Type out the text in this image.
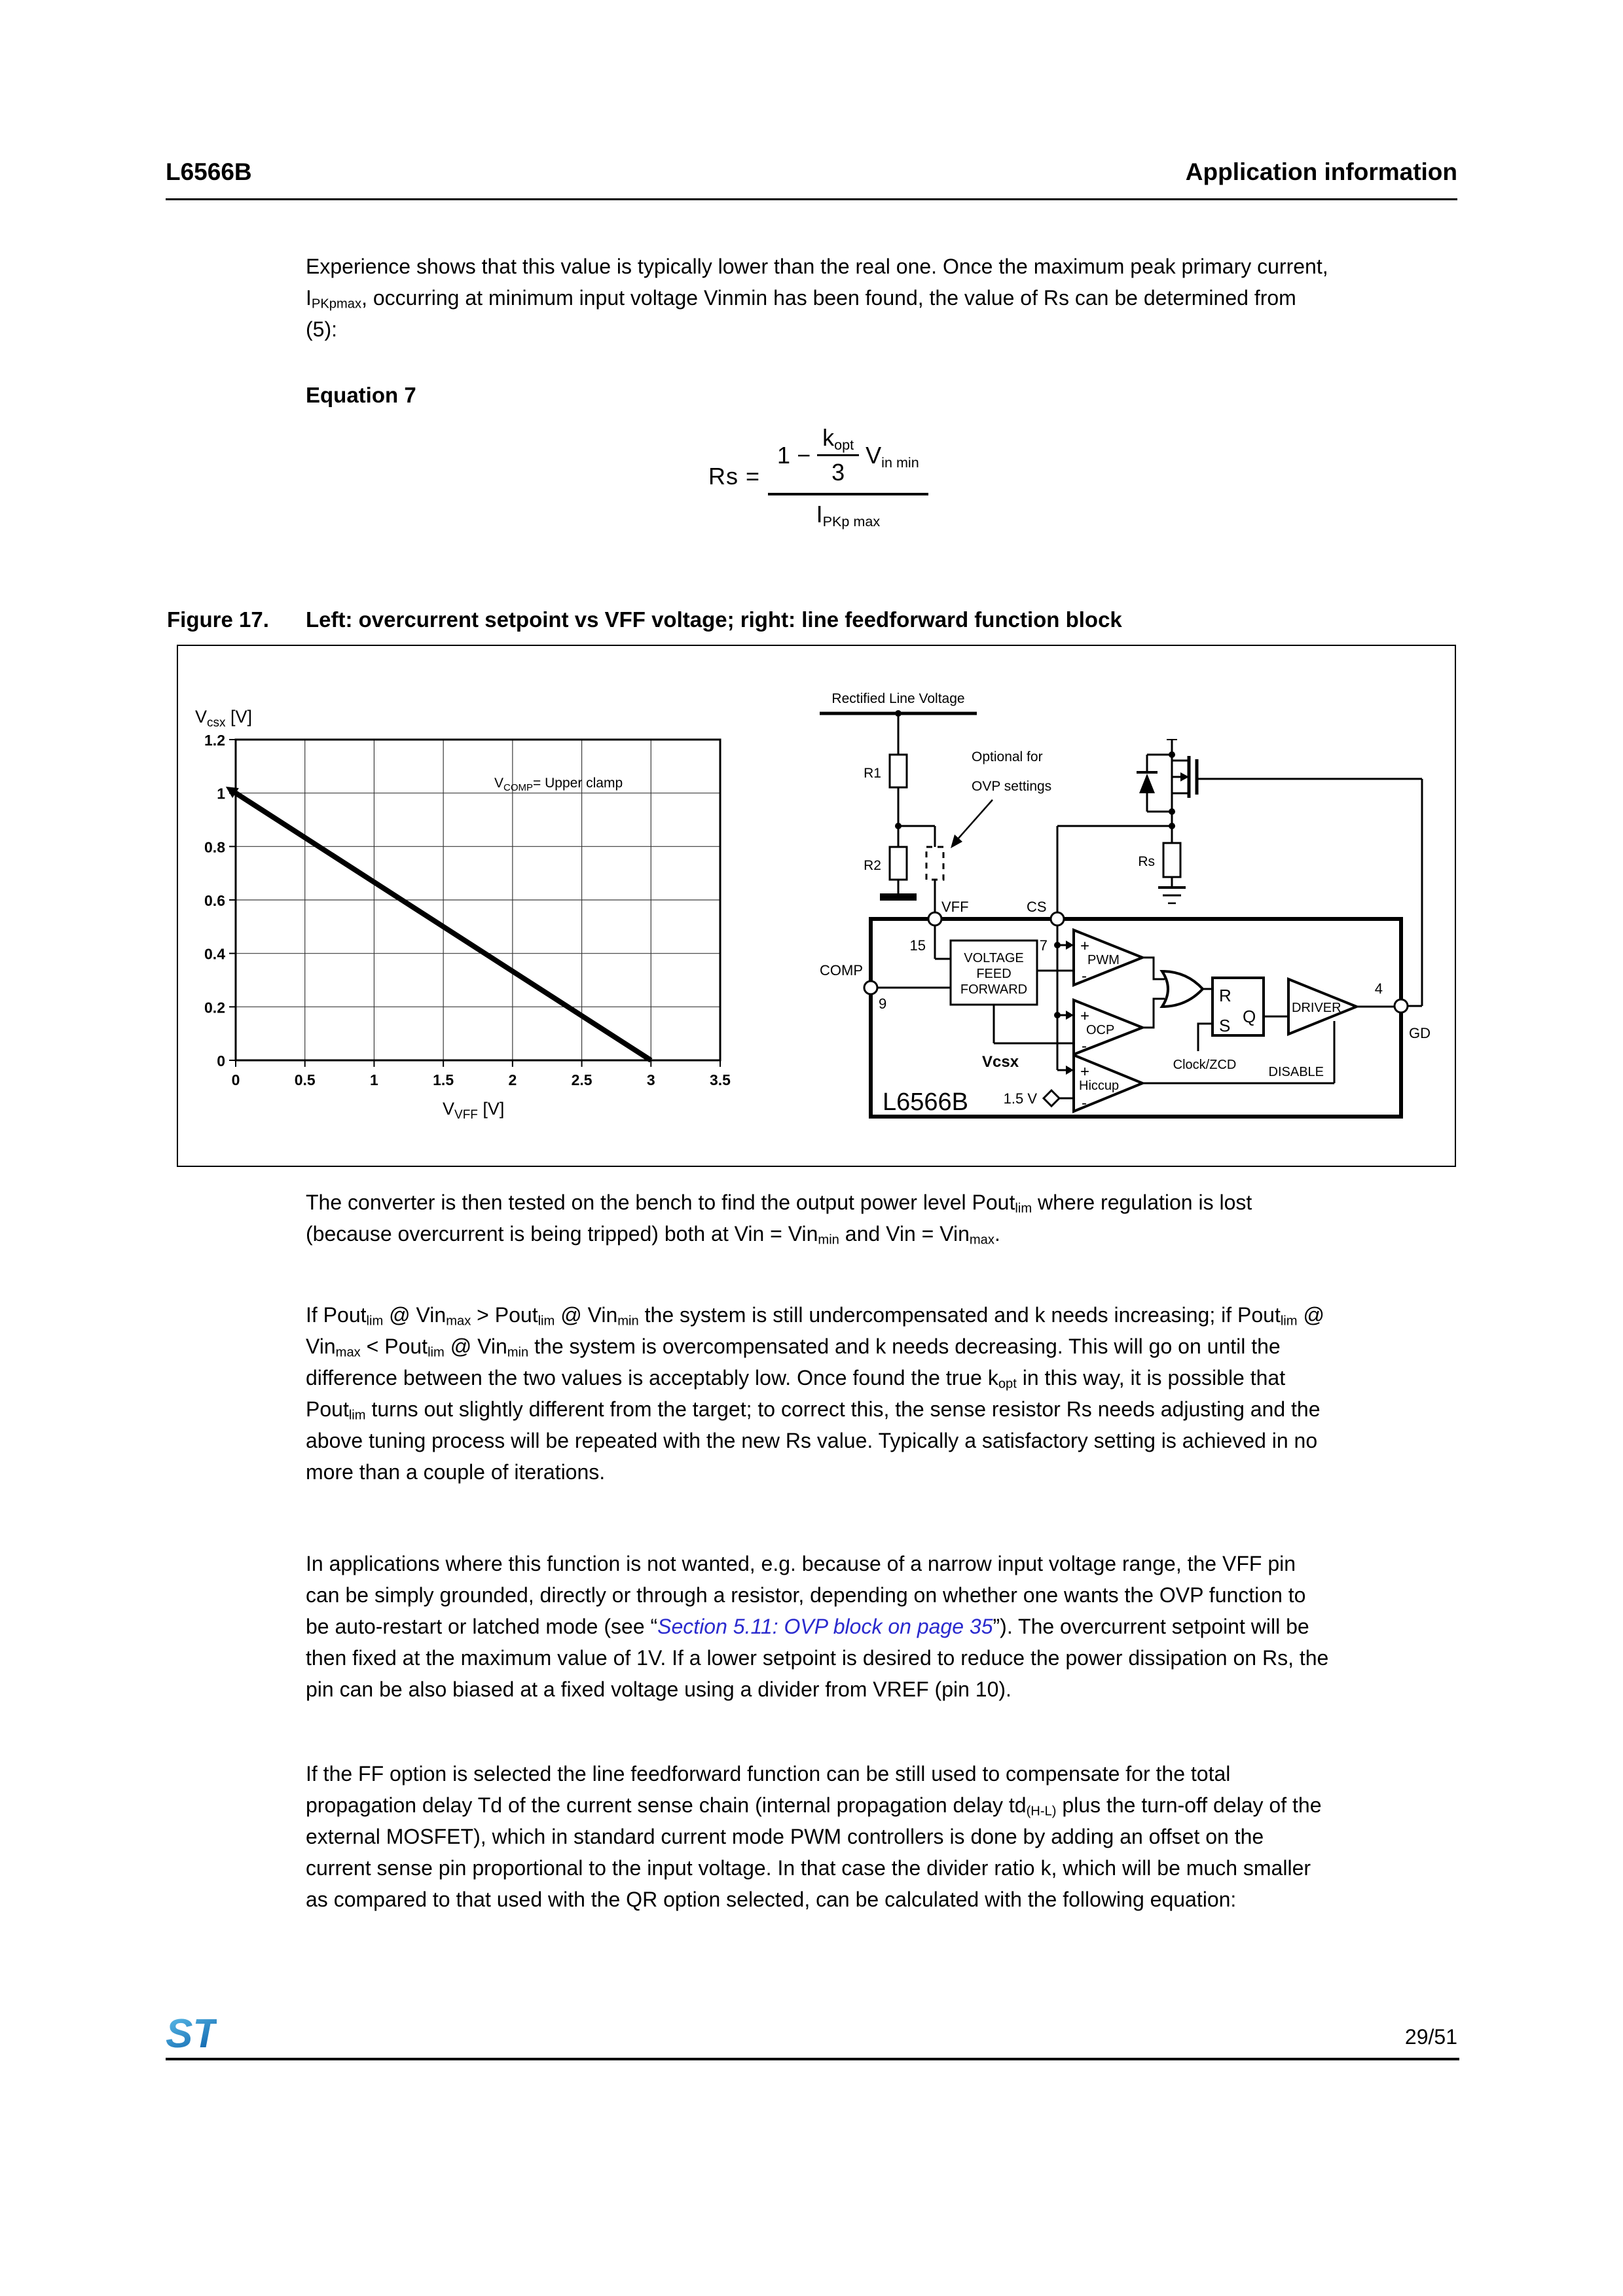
L6566B	Application information
Experience shows that this value is typically lower than the real one. Once the maximum peak primary current, $I_{PKpmax}$, occurring at minimum input voltage Vinmin has been found, the value of Rs can be determined from (5):
Equation 7
Rs =
1 −
$k_{opt}$
3
$V_{in min}$
$I_{PKp max}$
Figure 17.	Left: overcurrent setpoint vs VFF voltage; right: line feedforward function block
0	0.5	1	1.5	2	2.5	3	3.5
0
0.2
0.4
0.6
0.8
1
1.2
$V_{COMP}=$ Upper clamp
$V_{csx}$ [V]
$V_{VFF}$ [V]
Rectified Line Voltage
R1
R2
Optional for
OVP settings
Rs
VFF	CS
COMP
GD
15	7
9
4
VOLTAGE
FEED
FORWARD
Vcsx
+
PWM
-
+
OCP
-
+
Hiccup
-
1.5 V
R
Q
S
Clock/ZCD
DRIVER
DISABLE
L6566B
The converter is then tested on the bench to find the output power level Pout$_{lim}$ where regulation is lost (because overcurrent is being tripped) both at Vin = Vin$_{min}$ and Vin = Vin$_{max}$.
If Pout$_{lim}$ @ Vin$_{max}$ > Pout$_{lim}$ @ Vin$_{min}$ the system is still undercompensated and k needs increasing; if Pout$_{lim}$ @ Vin$_{max}$ < Pout$_{lim}$ @ Vin$_{min}$ the system is overcompensated and k needs decreasing. This will go on until the difference between the two values is acceptably low. Once found the true $k_{opt}$ in this way, it is possible that Pout$_{lim}$ turns out slightly different from the target; to correct this, the sense resistor Rs needs adjusting and the above tuning process will be repeated with the new Rs value. Typically a satisfactory setting is achieved in no more than a couple of iterations.
In applications where this function is not wanted, e.g. because of a narrow input voltage range, the VFF pin can be simply grounded, directly or through a resistor, depending on whether one wants the OVP function to be auto-restart or latched mode (see “Section 5.11: OVP block on page 35”). The overcurrent setpoint will be then fixed at the maximum value of 1V. If a lower setpoint is desired to reduce the power dissipation on Rs, the pin can be also biased at a fixed voltage using a divider from VREF (pin 10).
If the FF option is selected the line feedforward function can be still used to compensate for the total propagation delay Td of the current sense chain (internal propagation delay $td_{(H-L)}$ plus the turn-off delay of the external MOSFET), which in standard current mode PWM controllers is done by adding an offset on the current sense pin proportional to the input voltage. In that case the divider ratio k, which will be much smaller as compared to that used with the QR option selected, can be calculated with the following equation:
ST	29/51
